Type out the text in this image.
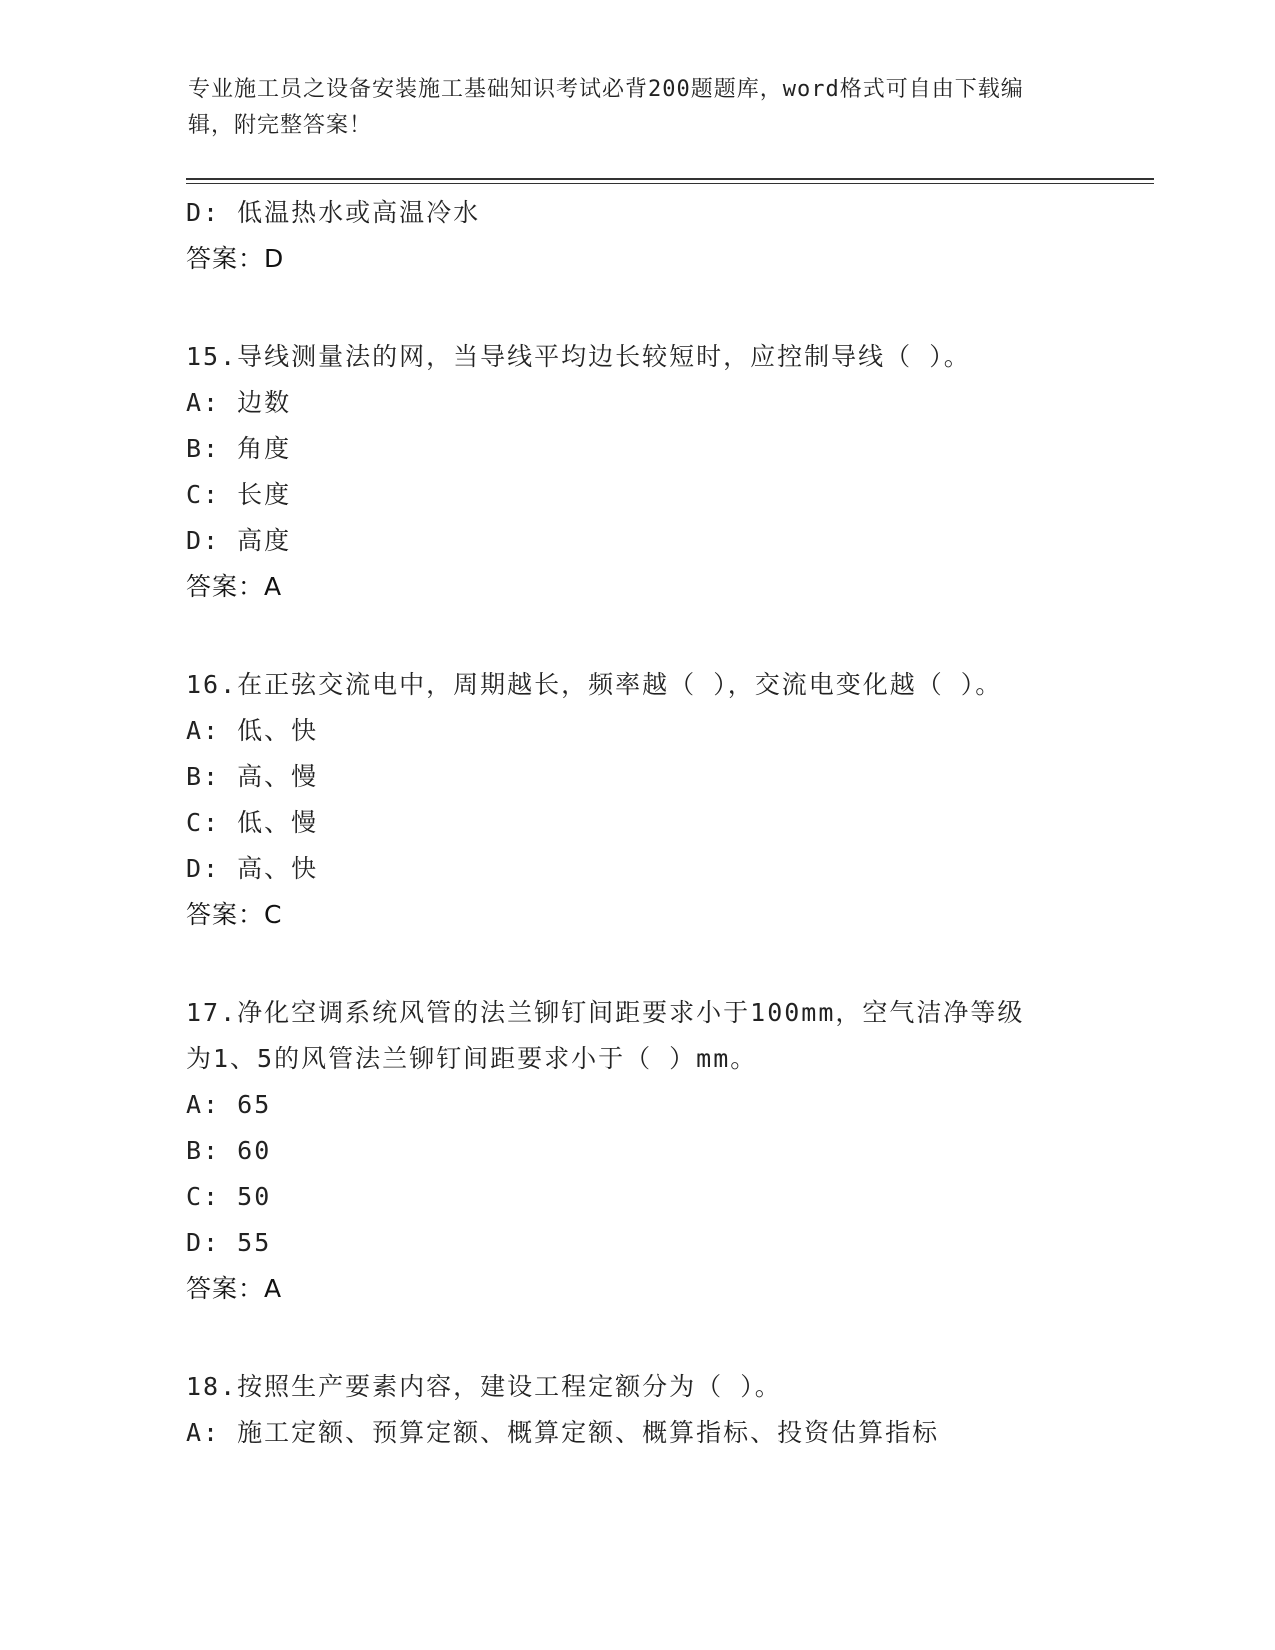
专业施工员之设备安装施工基础知识考试必背200题题库，word格式可自由下载编辑，附完整答案！
D: 低温热水或高温冷水
答案：D
15.导线测量法的网，当导线平均边长较短时，应控制导线（ ）。
A: 边数
B: 角度
C: 长度
D: 高度
答案：A
16.在正弦交流电中，周期越长，频率越（ ），交流电变化越（ ）。
A: 低、快
B: 高、慢
C: 低、慢
D: 高、快
答案：C
17.净化空调系统风管的法兰铆钉间距要求小于100mm，空气洁净等级
为1、5的风管法兰铆钉间距要求小于（ ）mm。
A: 65
B: 60
C: 50
D: 55
答案：A
18.按照生产要素内容，建设工程定额分为（ ）。
A: 施工定额、预算定额、概算定额、概算指标、投资估算指标
